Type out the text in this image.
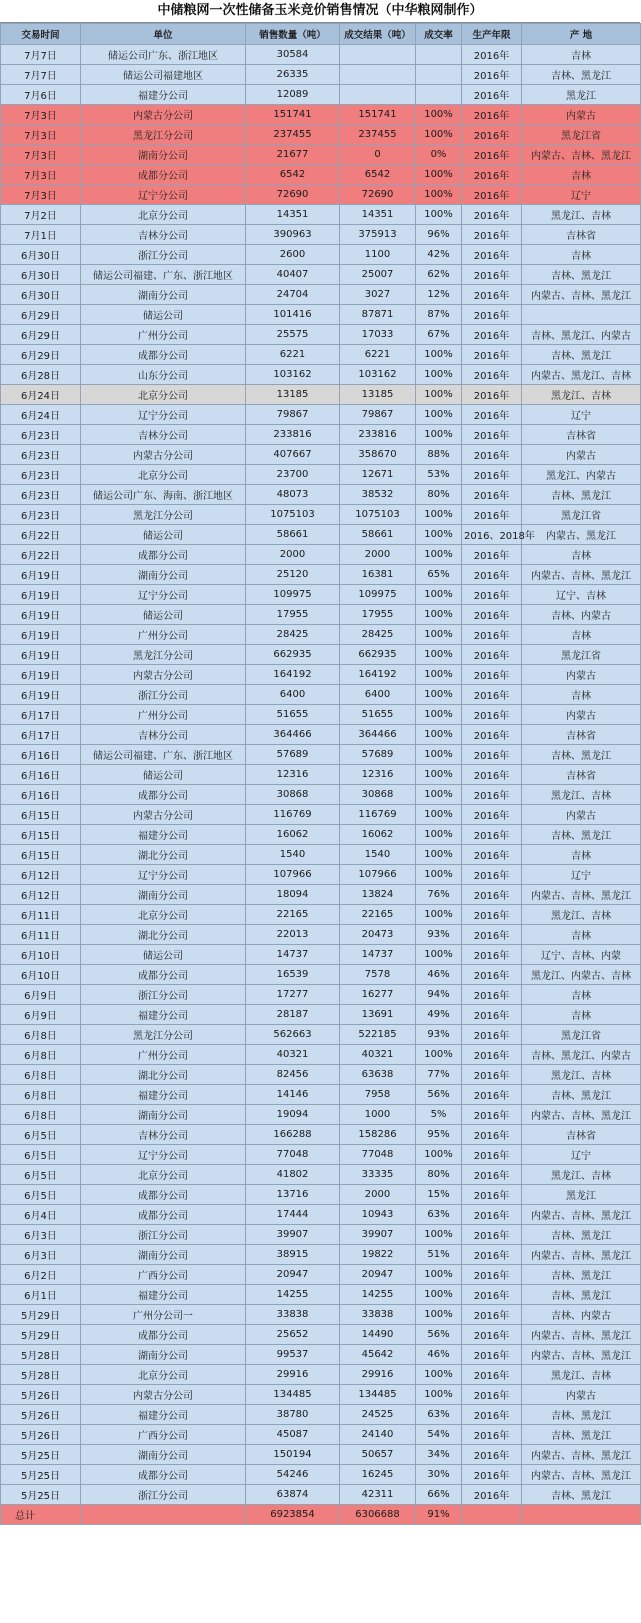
中储粮网一次性储备玉米竞价销售情况（中华粮网制作）
交易时间	单位	销售数量（吨）	成交结果（吨）	成交率	生产年限	产 地
7月7日	储运公司广东、浙江地区	30584			2016年	吉林
7月7日	储运公司福建地区	26335			2016年	吉林、黑龙江
7月6日	福建分公司	12089			2016年	黑龙江
7月3日	内蒙古分公司	151741	151741	100%	2016年	内蒙古
7月3日	黑龙江分公司	237455	237455	100%	2016年	黑龙江省
7月3日	湖南分公司	21677	0	0%	2016年	内蒙古、吉林、黑龙江
7月3日	成都分公司	6542	6542	100%	2016年	吉林
7月3日	辽宁分公司	72690	72690	100%	2016年	辽宁
7月2日	北京分公司	14351	14351	100%	2016年	黑龙江、吉林
7月1日	吉林分公司	390963	375913	96%	2016年	吉林省
6月30日	浙江分公司	2600	1100	42%	2016年	吉林
6月30日	储运公司福建、广东、浙江地区	40407	25007	62%	2016年	吉林、黑龙江
6月30日	湖南分公司	24704	3027	12%	2016年	内蒙古、吉林、黑龙江
6月29日	储运公司	101416	87871	87%	2016年	
6月29日	广州分公司	25575	17033	67%	2016年	吉林、黑龙江、内蒙古
6月29日	成都分公司	6221	6221	100%	2016年	吉林、黑龙江
6月28日	山东分公司	103162	103162	100%	2016年	内蒙古、黑龙江、吉林
6月24日	北京分公司	13185	13185	100%	2016年	黑龙江、吉林
6月24日	辽宁分公司	79867	79867	100%	2016年	辽宁
6月23日	吉林分公司	233816	233816	100%	2016年	吉林省
6月23日	内蒙古分公司	407667	358670	88%	2016年	内蒙古
6月23日	北京分公司	23700	12671	53%	2016年	黑龙江、内蒙古
6月23日	储运公司广东、海南、浙江地区	48073	38532	80%	2016年	吉林、黑龙江
6月23日	黑龙江分公司	1075103	1075103	100%	2016年	黑龙江省
6月22日	储运公司	58661	58661	100%	2016、2018年	内蒙古、黑龙江
6月22日	成都分公司	2000	2000	100%	2016年	吉林
6月19日	湖南分公司	25120	16381	65%	2016年	内蒙古、吉林、黑龙江
6月19日	辽宁分公司	109975	109975	100%	2016年	辽宁、吉林
6月19日	储运公司	17955	17955	100%	2016年	吉林、内蒙古
6月19日	广州分公司	28425	28425	100%	2016年	吉林
6月19日	黑龙江分公司	662935	662935	100%	2016年	黑龙江省
6月19日	内蒙古分公司	164192	164192	100%	2016年	内蒙古
6月19日	浙江分公司	6400	6400	100%	2016年	吉林
6月17日	广州分公司	51655	51655	100%	2016年	内蒙古
6月17日	吉林分公司	364466	364466	100%	2016年	吉林省
6月16日	储运公司福建、广东、浙江地区	57689	57689	100%	2016年	吉林、黑龙江
6月16日	储运公司	12316	12316	100%	2016年	吉林省
6月16日	成都分公司	30868	30868	100%	2016年	黑龙江、吉林
6月15日	内蒙古分公司	116769	116769	100%	2016年	内蒙古
6月15日	福建分公司	16062	16062	100%	2016年	吉林、黑龙江
6月15日	湖北分公司	1540	1540	100%	2016年	吉林
6月12日	辽宁分公司	107966	107966	100%	2016年	辽宁
6月12日	湖南分公司	18094	13824	76%	2016年	内蒙古、吉林、黑龙江
6月11日	北京分公司	22165	22165	100%	2016年	黑龙江、吉林
6月11日	湖北分公司	22013	20473	93%	2016年	吉林
6月10日	储运公司	14737	14737	100%	2016年	辽宁、吉林、内蒙
6月10日	成都分公司	16539	7578	46%	2016年	黑龙江、内蒙古、吉林
6月9日	浙江分公司	17277	16277	94%	2016年	吉林
6月9日	福建分公司	28187	13691	49%	2016年	吉林
6月8日	黑龙江分公司	562663	522185	93%	2016年	黑龙江省
6月8日	广州分公司	40321	40321	100%	2016年	吉林、黑龙江、内蒙古
6月8日	湖北分公司	82456	63638	77%	2016年	黑龙江、吉林
6月8日	福建分公司	14146	7958	56%	2016年	吉林、黑龙江
6月8日	湖南分公司	19094	1000	5%	2016年	内蒙古、吉林、黑龙江
6月5日	吉林分公司	166288	158286	95%	2016年	吉林省
6月5日	辽宁分公司	77048	77048	100%	2016年	辽宁
6月5日	北京分公司	41802	33335	80%	2016年	黑龙江、吉林
6月5日	成都分公司	13716	2000	15%	2016年	黑龙江
6月4日	成都分公司	17444	10943	63%	2016年	内蒙古、吉林、黑龙江
6月3日	浙江分公司	39907	39907	100%	2016年	吉林、黑龙江
6月3日	湖南分公司	38915	19822	51%	2016年	内蒙古、吉林、黑龙江
6月2日	广西分公司	20947	20947	100%	2016年	吉林、黑龙江
6月1日	福建分公司	14255	14255	100%	2016年	吉林、黑龙江
5月29日	广州分公司一	33838	33838	100%	2016年	吉林、内蒙古
5月29日	成都分公司	25652	14490	56%	2016年	内蒙古、吉林、黑龙江
5月28日	湖南分公司	99537	45642	46%	2016年	内蒙古、吉林、黑龙江
5月28日	北京分公司	29916	29916	100%	2016年	黑龙江、吉林
5月26日	内蒙古分公司	134485	134485	100%	2016年	内蒙古
5月26日	福建分公司	38780	24525	63%	2016年	吉林、黑龙江
5月26日	广西分公司	45087	24140	54%	2016年	吉林、黑龙江
5月25日	湖南分公司	150194	50657	34%	2016年	内蒙古、吉林、黑龙江
5月25日	成都分公司	54246	16245	30%	2016年	内蒙古、吉林、黑龙江
5月25日	浙江分公司	63874	42311	66%	2016年	吉林、黑龙江
总计		6923854	6306688	91%		
